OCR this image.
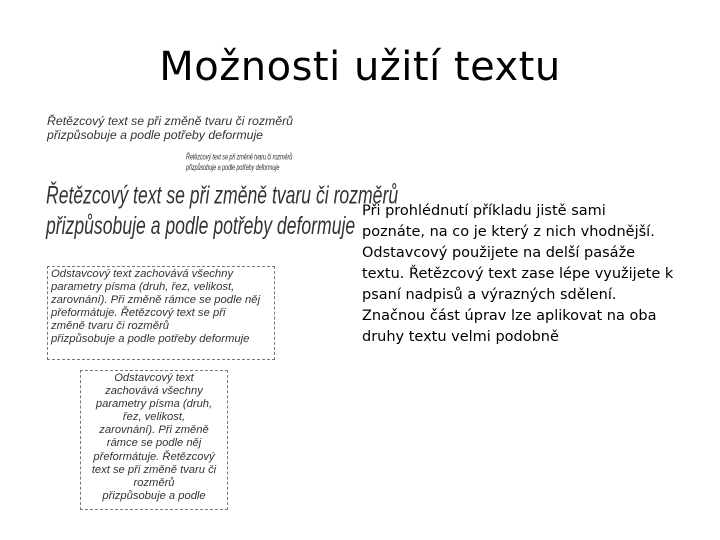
Možnosti užití textu
Řetězcový text se při změně tvaru či rozměrů
přizpůsobuje a podle potřeby deformuje
Řetězcový text se při změně tvaru či rozměrů
přizpůsobuje a podle potřeby deformuje
Řetězcový text se při změně tvaru či rozměrů
přizpůsobuje a podle potřeby deformuje
Odstavcový text zachovává všechny
parametry písma (druh, řez, velikost,
zarovnání). Při změně rámce se podle něj
přeformátuje. Řetězcový text se při
změně tvaru či rozměrů
přizpůsobuje a podle potřeby deformuje
Odstavcový text
zachovává všechny
parametry písma (druh,
řez, velikost,
zarovnání). Při změně
rámce se podle něj
přeformátuje. Řetězcový
text se při změně tvaru či
rozměrů
přizpůsobuje a podle
Při prohlédnutí příkladu jistě sami
poznáte, na co je který z nich vhodnější.
Odstavcový použijete na delší pasáže
textu. Řetězcový text zase lépe využijete k
psaní nadpisů a výrazných sdělení.
Značnou část úprav lze aplikovat na oba
druhy textu velmi podobně
